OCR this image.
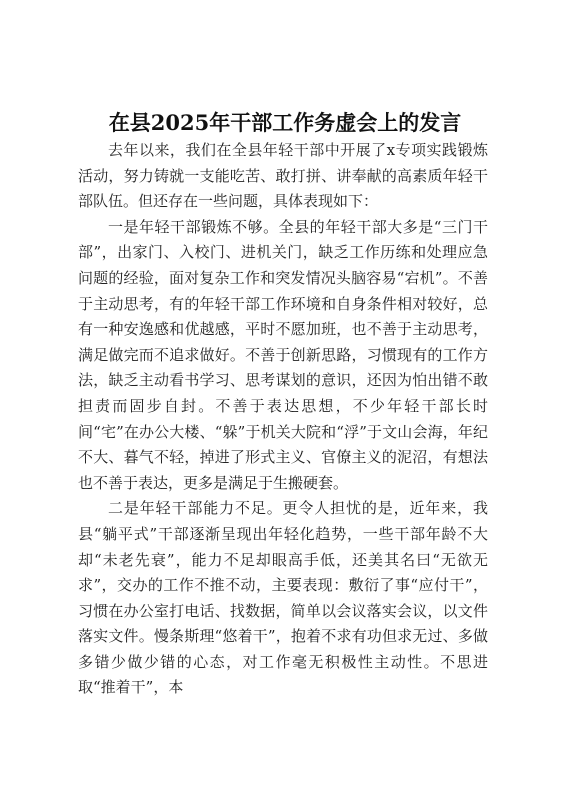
在县2025年干部工作务虚会上的发言

去年以来，我们在全县年轻干部中开展了x专项实践锻炼活动，努力铸就一支能吃苦、敢打拼、讲奉献的高素质年轻干部队伍。但还存在一些问题，具体表现如下：

一是年轻干部锻炼不够。全县的年轻干部大多是“三门干部”，出家门、入校门、进机关门，缺乏工作历练和处理应急问题的经验，面对复杂工作和突发情况头脑容易“宕机”。不善于主动思考，有的年轻干部工作环境和自身条件相对较好，总有一种安逸感和优越感，平时不愿加班，也不善于主动思考，满足做完而不追求做好。不善于创新思路，习惯现有的工作方法，缺乏主动看书学习、思考谋划的意识，还因为怕出错不敢担责而固步自封。不善于表达思想，不少年轻干部长时间“宅”在办公大楼、“躲”于机关大院和“浮”于文山会海，年纪不大、暮气不轻，掉进了形式主义、官僚主义的泥沼，有想法也不善于表达，更多是满足于生搬硬套。

二是年轻干部能力不足。更令人担忧的是，近年来，我县“躺平式”干部逐渐呈现出年轻化趋势，一些干部年龄不大却“未老先衰”，能力不足却眼高手低，还美其名曰“无欲无求”，交办的工作不推不动，主要表现：敷衍了事“应付干”，习惯在办公室打电话、找数据，简单以会议落实会议，以文件落实文件。慢条斯理“悠着干”，抱着不求有功但求无过、多做多错少做少错的心态，对工作毫无积极性主动性。不思进取“推着干”，本
